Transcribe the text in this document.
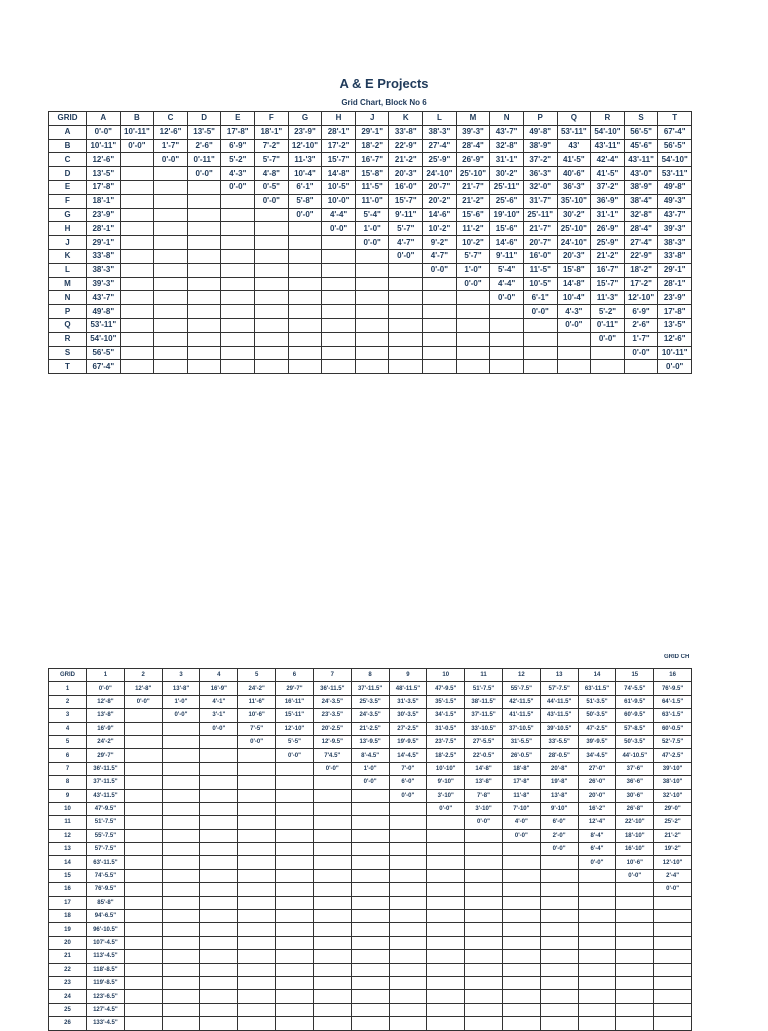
A & E Projects
Grid Chart, Block No 6
GRID	A	B	C	D	E	F	G	H	J	K	L	M	N	P	Q	R	S	T
A	0'-0"	10'-11"	12'-6"	13'-5"	17'-8"	18'-1"	23'-9"	28'-1"	29'-1"	33'-8"	38'-3"	39'-3"	43'-7"	49'-8"	53'-11"	54'-10"	56'-5"	67'-4"
B	10'-11"	0'-0"	1'-7"	2'-6"	6'-9"	7'-2"	12'-10"	17'-2"	18'-2"	22'-9"	27'-4"	28'-4"	32'-8"	38'-9"	43'	43'-11"	45'-6"	56'-5"
C	12'-6"		0'-0"	0'-11"	5'-2"	5'-7"	11-'3"	15'-7"	16'-7"	21'-2"	25'-9"	26'-9"	31'-1"	37'-2"	41'-5"	42'-4"	43'-11"	54'-10"
D	13'-5"			0'-0"	4'-3"	4'-8"	10'-4"	14'-8"	15'-8"	20'-3"	24'-10"	25'-10"	30'-2"	36'-3"	40'-6"	41'-5"	43'-0"	53'-11"
E	17'-8"				0'-0"	0'-5"	6'-1"	10'-5"	11'-5"	16'-0"	20'-7"	21'-7"	25'-11"	32'-0"	36'-3"	37'-2"	38'-9"	49'-8"
F	18'-1"					0'-0"	5'-8"	10'-0"	11'-0"	15'-7"	20'-2"	21'-2"	25'-6"	31'-7"	35'-10"	36'-9"	38'-4"	49'-3"
G	23'-9"						0'-0"	4'-4"	5'-4"	9'-11"	14'-6"	15'-6"	19'-10"	25'-11"	30'-2"	31'-1"	32'-8"	43'-7"
H	28'-1"							0'-0"	1'-0"	5'-7"	10'-2"	11'-2"	15'-6"	21'-7"	25'-10"	26'-9"	28'-4"	39'-3"
J	29'-1"								0'-0"	4'-7"	9'-2"	10'-2"	14'-6"	20'-7"	24'-10"	25'-9"	27'-4"	38'-3"
K	33'-8"									0'-0"	4'-7"	5'-7"	9'-11"	16'-0"	20'-3"	21'-2"	22'-9"	33'-8"
L	38'-3"										0'-0"	1'-0"	5'-4"	11'-5"	15'-8"	16'-7"	18'-2"	29'-1"
M	39'-3"											0'-0"	4'-4"	10'-5"	14'-8"	15'-7"	17'-2"	28'-1"
N	43'-7"												0'-0"	6'-1"	10'-4"	11'-3"	12'-10"	23'-9"
P	49'-8"													0'-0"	4'-3"	5'-2"	6'-9"	17'-8"
Q	53'-11"														0'-0"	0'-11"	2'-6"	13'-5"
R	54'-10"															0'-0"	1'-7"	12'-6"
S	56'-5"																0'-0"	10'-11"
T	67'-4"																	0'-0"
GRID CH
GRID	1	2	3	4	5	6	7	8	9	10	11	12	13	14	15	16
1	0'-0"	12'-8"	13'-8"	16'-9"	24'-2"	29'-7"	36'-11.5"	37'-11.5"	48'-11.5"	47'-9.5"	51'-7.5"	55'-7.5"	57'-7.5"	63'-11.5"	74'-5.5"	76'-9.5"
2	12'-8"	0'-0"	1'-0"	4'-1"	11'-6"	16'-11"	24'-3.5"	25'-3.5"	31'-3.5"	35'-1.5"	38'-11.5"	42'-11.5"	44'-11.5"	51'-3.5"	61'-9.5"	64'-1.5"
3	13'-8"		0'-0"	3'-1"	10'-6"	15'-11"	23'-3.5"	24'-3.5"	30'-3.5"	34'-1.5"	37'-11.5"	41'-11.5"	43'-11.5"	50'-3.5"	60'-9.5"	63'-1.5"
4	16'-9"			0'-0"	7'-5"	12'-10"	20'-2.5"	21'-2.5"	27'-2.5"	31'-0.5"	33'-10.5"	37'-10.5"	39'-10.5"	47'-2.5"	57'-8.5"	60'-0.5"
5	24'-2"				0'-0"	5'-5"	12'-9.5"	13'-9.5"	19'-9.5"	23'-7.5"	27'-5.5"	31'-5.5"	33'-5.5"	39'-9.5"	50'-3.5"	52'-7.5"
6	29'-7"					0'-0"	7'4.5"	8'-4.5"	14'-4.5"	18'-2.5"	22'-0.5"	26'-0.5"	28'-0.5"	34'-4.5"	44'-10.5"	47'-2.5"
7	36'-11.5"						0'-0"	1'-0"	7'-0"	10'-10"	14'-8"	18'-8"	20'-8"	27'-0"	37'-6"	39'-10"
8	37'-11.5"							0'-0"	6'-0"	9'-10"	13'-8"	17'-8"	19'-8"	26'-0"	36'-6"	38'-10"
9	43'-11.5"								0'-0"	3'-10"	7'-8"	11'-8"	13'-8"	20'-0"	30'-6"	32'-10"
10	47'-9.5"									0'-0"	3'-10"	7'-10"	9'-10"	16'-2"	26'-8"	29'-0"
11	51'-7.5"										0'-0"	4'-0"	6'-0"	12'-4"	22'-10"	25'-2"
12	55'-7.5"											0'-0"	2'-0"	8'-4"	18'-10"	21'-2"
13	57'-7.5"												0'-0"	6'-4"	16'-10"	19'-2"
14	63'-11.5"													0'-0"	10'-6"	12'-10"
15	74'-5.5"														0'-0"	2'-4"
16	76'-9.5"															0'-0"
17	85'-8"															
18	94'-6.5"															
19	96'-10.5"															
20	107'-4.5"															
21	113'-4.5"															
22	118'-8.5"															
23	119'-8.5"															
24	123'-6.5"															
25	127'-4.5"															
26	133'-4.5"															
